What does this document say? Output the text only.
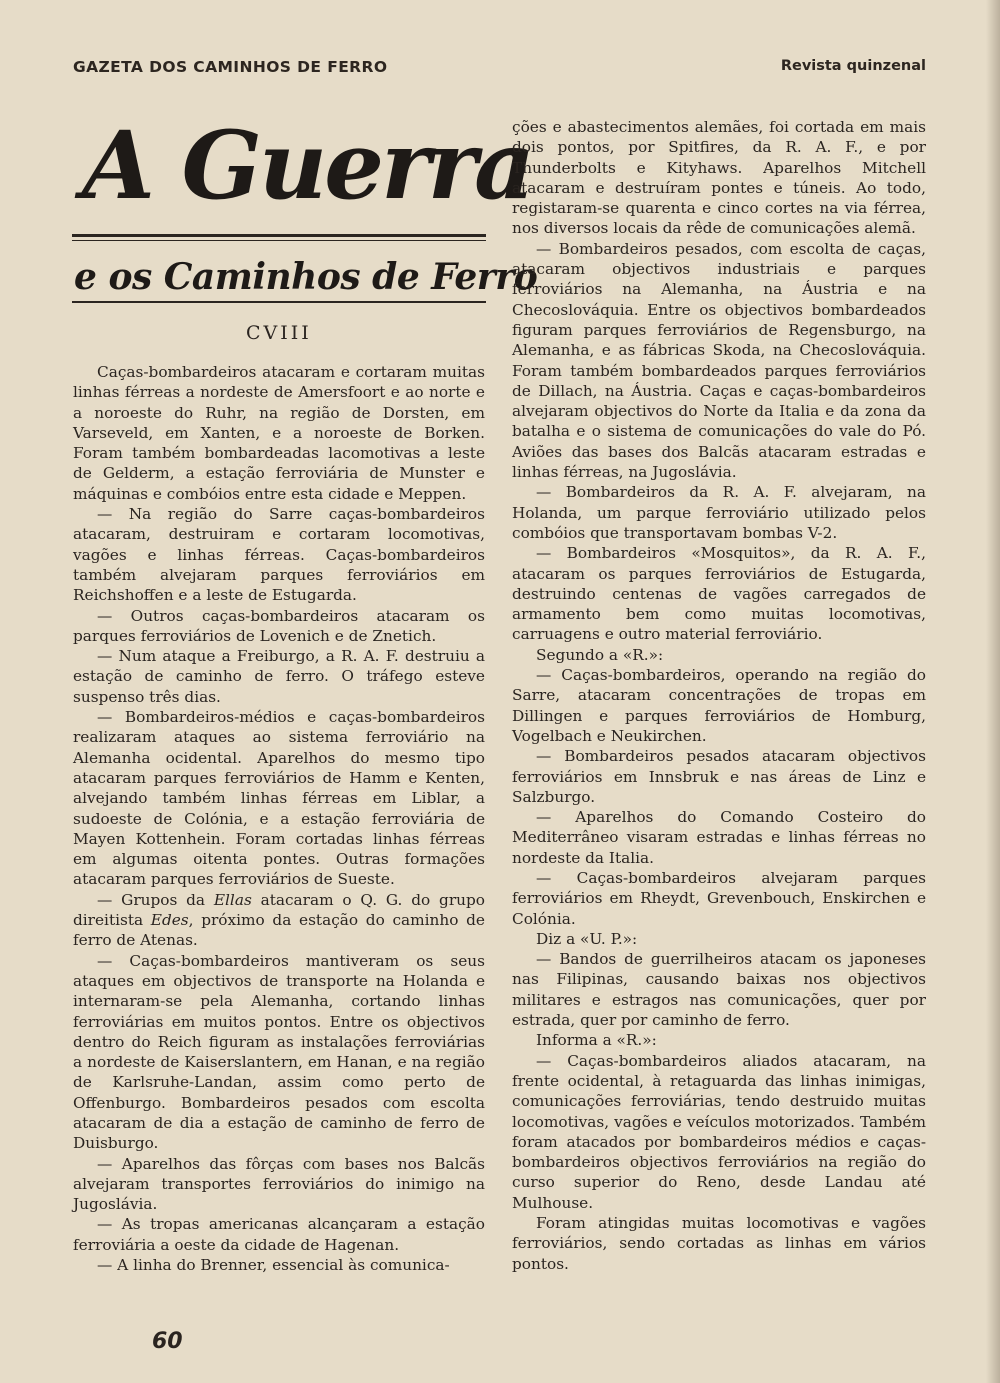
GAZETA DOS CAMINHOS DE FERRO	Revista quinzenal
A Guerra
e os Caminhos de Ferro
CVIII

Caças-bombardeiros atacaram e cortaram muitas linhas férreas a nordeste de Amersfoort e ao norte e a noroeste do Ruhr, na região de Dorsten, em Varseveld, em Xanten, e a noroeste de Borken. Foram também bombardeadas lacomotivas a leste de Gelderm, a estação ferroviária de Munster e máquinas e combóios entre esta cidade e Meppen.

— Na região do Sarre caças-bombardeiros atacaram, destruiram e cortaram locomotivas, vagões e linhas férreas. Caças-bombardeiros também alvejaram parques ferroviários em Reichshoffen e a leste de Estugarda.

— Outros caças-bombardeiros atacaram os parques ferroviários de Lovenich e de Znetich.

— Num ataque a Freiburgo, a R. A. F. destruiu a estação de caminho de ferro. O tráfego esteve suspenso três dias.

— Bombardeiros-médios e caças-bombardeiros realizaram ataques ao sistema ferroviário na Alemanha ocidental. Aparelhos do mesmo tipo atacaram parques ferroviários de Hamm e Kenten, alvejando também linhas férreas em Liblar, a sudoeste de Colónia, e a estação ferroviária de Mayen Kottenhein. Foram cortadas linhas férreas em algumas oitenta pontes. Outras formações atacaram parques ferroviários de Sueste.

— Grupos da Ellas atacaram o Q. G. do grupo direitista Edes, próximo da estação do caminho de ferro de Atenas.

— Caças-bombardeiros mantiveram os seus ataques em objectivos de transporte na Holanda e internaram-se pela Alemanha, cortando linhas ferroviárias em muitos pontos. Entre os objectivos dentro do Reich figuram as instalações ferroviárias a nordeste de Kaiserslantern, em Hanan, e na região de Karlsruhe-Landan, assim como perto de Offenburgo. Bombardeiros pesados com escolta atacaram de dia a estação de caminho de ferro de Duisburgo.

— Aparelhos das fôrças com bases nos Balcãs alvejaram transportes ferroviários do inimigo na Jugoslávia.

— As tropas americanas alcançaram a estação ferroviária a oeste da cidade de Hagenan.

— A linha do Brenner, essencial às comunica-

ções e abastecimentos alemães, foi cortada em mais dois pontos, por Spitfires, da R. A. F., e por Thunderbolts e Kityhaws. Aparelhos Mitchell atacaram e destruíram pontes e túneis. Ao todo, registaram-se quarenta e cinco cortes na via férrea, nos diversos locais da rêde de comunicações alemã.

— Bombardeiros pesados, com escolta de caças, atacaram objectivos industriais e parques ferroviários na Alemanha, na Áustria e na Checoslováquia. Entre os objectivos bombardeados figuram parques ferroviários de Regensburgo, na Alemanha, e as fábricas Skoda, na Checoslováquia. Foram também bombardeados parques ferroviários de Dillach, na Áustria. Caças e caças-bombardeiros alvejaram objectivos do Norte da Italia e da zona da batalha e o sistema de comunicações do vale do Pó. Aviões das bases dos Balcãs atacaram estradas e linhas férreas, na Jugoslávia.

— Bombardeiros da R. A. F. alvejaram, na Holanda, um parque ferroviário utilizado pelos combóios que transportavam bombas V-2.

— Bombardeiros «Mosquitos», da R. A. F., atacaram os parques ferroviários de Estugarda, destruindo centenas de vagões carregados de armamento bem como muitas locomotivas, carruagens e outro material ferroviário.

Segundo a «R.»:

— Caças-bombardeiros, operando na região do Sarre, atacaram concentrações de tropas em Dillingen e parques ferroviários de Homburg, Vogelbach e Neukirchen.

— Bombardeiros pesados atacaram objectivos ferroviários em Innsbruk e nas áreas de Linz e Salzburgo.

— Aparelhos do Comando Costeiro do Mediterrâneo visaram estradas e linhas férreas no nordeste da Italia.

— Caças-bombardeiros alvejaram parques ferroviários em Rheydt, Grevenbouch, Enskirchen e Colónia.

Diz a «U. P.»:

— Bandos de guerrilheiros atacam os japoneses nas Filipinas, causando baixas nos objectivos militares e estragos nas comunicações, quer por estrada, quer por caminho de ferro.

Informa a «R.»:

— Caças-bombardeiros aliados atacaram, na frente ocidental, à retaguarda das linhas inimigas, comunicações ferroviárias, tendo destruido muitas locomotivas, vagões e veículos motorizados. Também foram atacados por bombardeiros médios e caças-bombardeiros objectivos ferroviários na região do curso superior do Reno, desde Landau até Mulhouse.

Foram atingidas muitas locomotivas e vagões ferroviários, sendo cortadas as linhas em vários pontos.

60
